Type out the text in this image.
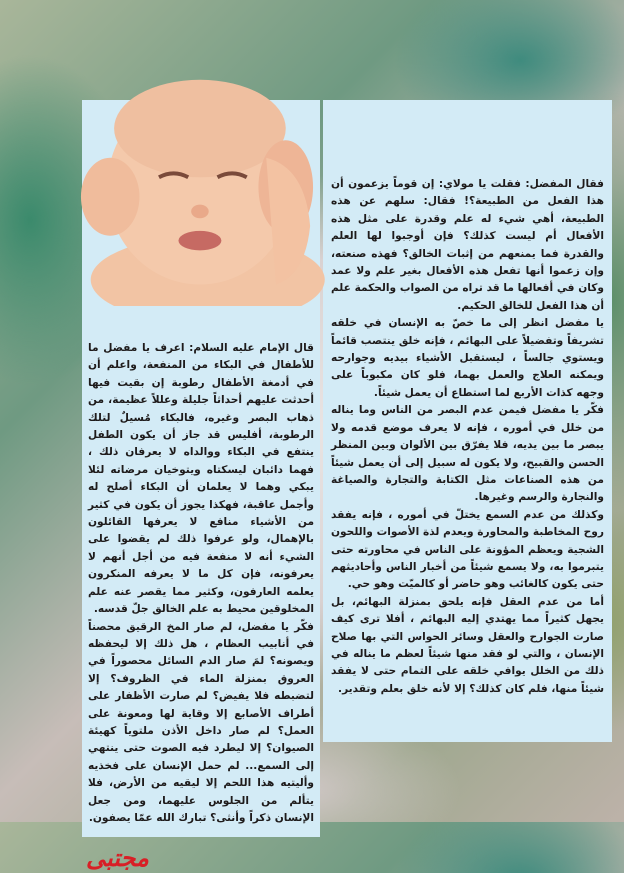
فقال المفضل: فقلت يا مولاي: إن قوماً يزعمون أن هذا الفعل من الطبيعة؟! فقال: سلهم عن هذه الطبيعة، أهي شيء له علم وقدرة على مثل هذه الأفعال أم ليست كذلك؟ فإن أوجبوا لها العلم والقدرة فما يمنعهم من إثبات الخالق؟ فهذه صنعته، وإن زعموا أنها تفعل هذه الأفعال بغير علم ولا عمد وكان في أفعالها ما قد تراه من الصواب والحكمة علم أن هذا الفعل للخالق الحكيم.

يا مفضل انظر إلى ما خصّ به الإنسان في خلقه تشريفاً وتفضيلاً على البهائم ، فإنه خلق ينتصب قائماً ويستوي جالساً ، ليستقبل الأشياء بيديه وجوارحه ويمكنه العلاج والعمل بهما، فلو كان مكبوباً على وجهه كذات الأربع لما استطاع أن يعمل شيئاً.

فكّر يا مفضل فيمن عدم البصر من الناس وما يناله من خلل في أموره ، فإنه لا يعرف موضع قدمه ولا يبصر ما بين يديه، فلا يفرّق بين الألوان وبين المنظر الحسن والقبيح، ولا يكون له سبيل إلى أن يعمل شيئاً من هذه الصناعات مثل الكتابة والتجارة والصياغة والنجارة والرسم وغيرها.

وكذلك من عدم السمع يختلّ في أموره ، فإنه يفقد روح المخاطبة والمحاورة ويعدم لذة الأصوات واللحون الشجية ويعظم المؤونة على الناس في محاورته حتى يتبرموا به، ولا يسمع شيئاً من أخبار الناس وأحاديثهم حتى يكون كالغائب وهو حاضر أو كالميّت وهو حي.

أما من عدم العقل فإنه يلحق بمنزلة البهائم، بل يجهل كثيراً مما يهتدي إليه البهائم ، أفلا ترى كيف صارت الجوارح والعقل وسائر الحواس التي بها صلاح الإنسان ، والتي لو فقد منها شيئاً لعظم ما يناله في ذلك من الخلل يوافي خلقه على التمام حتى لا يفقد شيئاً منها، فلم كان كذلك؟ إلا لأنه خلق بعلم وتقدير.

قال الإمام عليه السلام: اعرف يا مفضل ما للأطفال في البكاء من المنفعة، واعلم أن في أدمغة الأطفال رطوبة إن بقيت فيها أحدثت عليهم أحداثاً جليلة وعللاً عظيمة، من ذهاب البصر وغيره، فالبكاء مُسيلٌ لتلك الرطوبة، أفليس قد جاز أن يكون الطفل ينتفع في البكاء ووالداه لا يعرفان ذلك ، فهما دائبان ليسكتاه ويتوخيان مرضاته لئلا يبكي وهما لا يعلمان أن البكاء أصلح له وأجمل عاقبة، فهكذا يجوز أن يكون في كثير من الأشياء منافع لا يعرفها القائلون بالإهمال، ولو عرفوا ذلك لم يقضوا على الشيء أنه لا منفعة فيه من أجل أنهم لا يعرفونه، فإن كل ما لا يعرفه المنكرون يعلمه العارفون، وكثير مما يقصر عنه علم المخلوقين محيط به علم الخالق جلّ قدسه.

فكّر يا مفضل، لم صار المخ الرقيق محصناً في أنابيب العظام ، هل ذلك إلا ليحفظه ويصونه؟ لمَ صار الدم السائل محصوراً في العروق بمنزلة الماء في الظروف؟ إلا لتضبطه فلا يفيض؟ لم صارت الأظفار على أطراف الأصابع إلا وقاية لها ومعونة على العمل؟ لم صار داخل الأذن ملتوياً كهيئة الصيوان؟ إلا ليطرد فيه الصوت حتى ينتهي إلى السمع... لم حمل الإنسان على فخذيه وأليتيه هذا اللحم إلا ليقيه من الأرض، فلا يتألم من الجلوس عليهما، ومن جعل الإنسان ذكراً وأنثى؟ تبارك الله عمّا يصفون.

مجتبى
